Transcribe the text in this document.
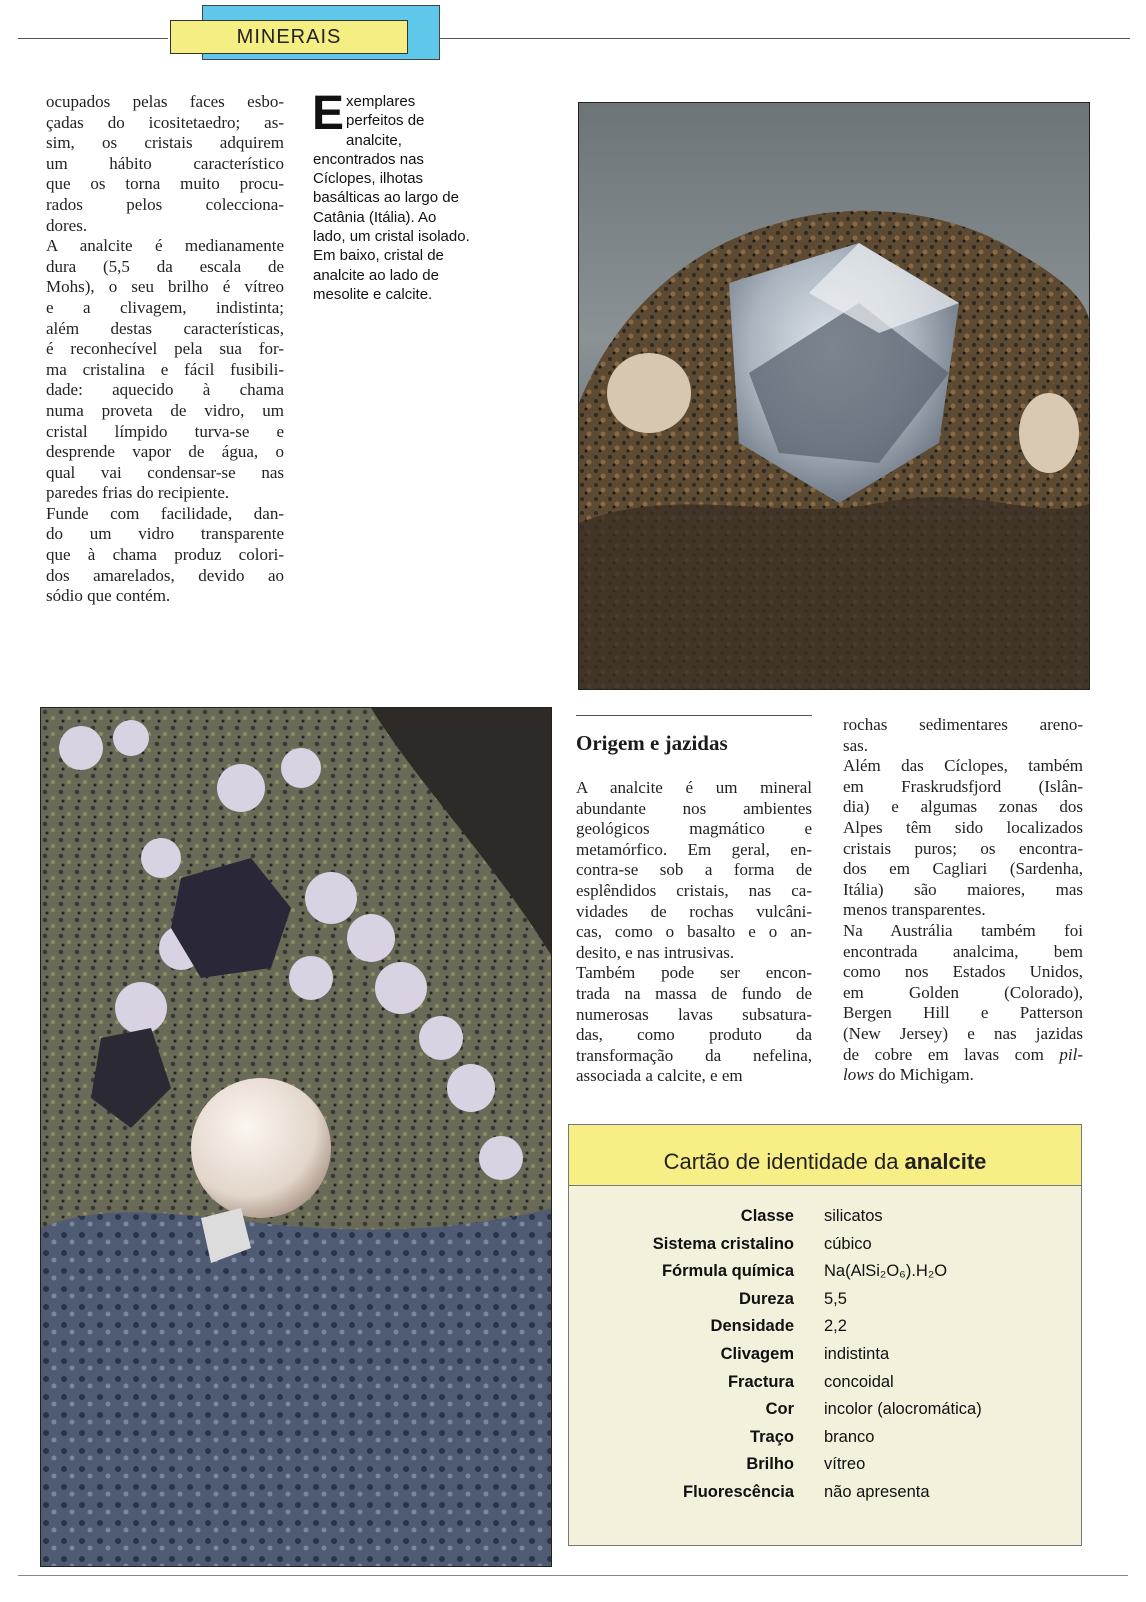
MINERAIS
ocupados pelas faces esbo-
çadas do icositetaedro; as-
sim, os cristais adquirem
um hábito característico
que os torna muito procu-
rados pelos colecciona-
dores.
A analcite é medianamente
dura (5,5 da escala de
Mohs), o seu brilho é vítreo
e a clivagem, indistinta;
além destas características,
é reconhecível pela sua for-
ma cristalina e fácil fusibili-
dade: aquecido à chama
numa proveta de vidro, um
cristal límpido turva-se e
desprende vapor de água, o
qual vai condensar-se nas
paredes frias do recipiente.
Funde com facilidade, dan-
do um vidro transparente
que à chama produz colori-
dos amarelados, devido ao
sódio que contém.
Exemplares perfeitos de analcite, encontrados nas Cíclopes, ilhotas basálticas ao largo de Catânia (Itália). Ao lado, um cristal isolado. Em baixo, cristal de analcite ao lado de mesolite e calcite.
Origem e jazidas
A analcite é um mineral
abundante nos ambientes
geológicos magmático e
metamórfico. Em geral, en-
contra-se sob a forma de
esplêndidos cristais, nas ca-
vidades de rochas vulcâni-
cas, como o basalto e o an-
desito, e nas intrusivas.
Também pode ser encon-
trada na massa de fundo de
numerosas lavas subsatura-
das, como produto da
transformação da nefelina,
associada a calcite, e em
rochas sedimentares areno-
sas.
Além das Cíclopes, também
em Fraskrudsfjord (Islân-
dia) e algumas zonas dos
Alpes têm sido localizados
cristais puros; os encontra-
dos em Cagliari (Sardenha,
Itália) são maiores, mas
menos transparentes.
Na Austrália também foi
encontrada analcima, bem
como nos Estados Unidos,
em Golden (Colorado),
Bergen Hill e Patterson
(New Jersey) e nas jazidas
de cobre em lavas com pil-
lows do Michigam.
Cartão de identidade da analcite
Classe silicatos
Sistema cristalino cúbico
Fórmula química Na(AlSi₂O₆).H₂O
Dureza 5,5
Densidade 2,2
Clivagem indistinta
Fractura concoidal
Cor incolor (alocromática)
Traço branco
Brilho vítreo
Fluorescência não apresenta
